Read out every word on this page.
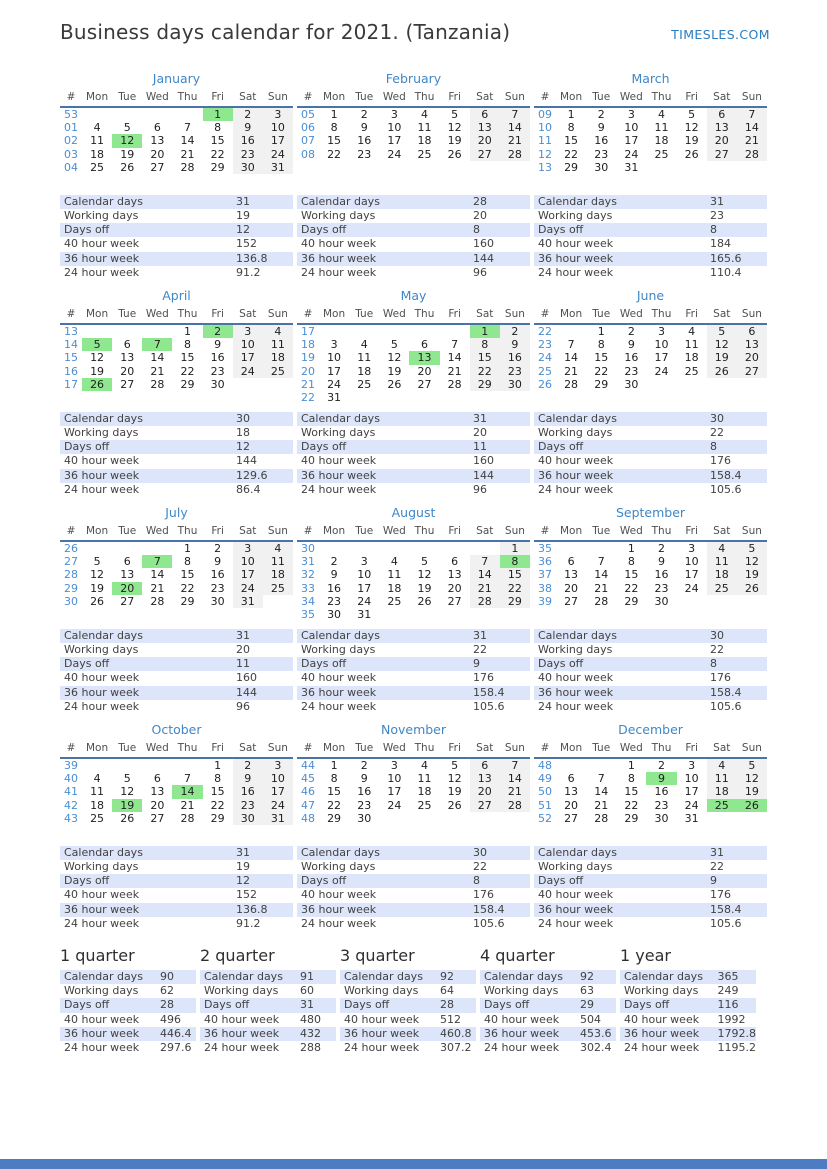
Business days calendar for 2021. (Tanzania)	TIMESLES.COM
January
#	Mon	Tue	Wed	Thu	Fri	Sat	Sun
53					1	2	3
01	4	5	6	7	8	9	10
02	11	12	13	14	15	16	17
03	18	19	20	21	22	23	24
04	25	26	27	28	29	30	31
Calendar days	31
Working days	19
Days off	12
40 hour week	152
36 hour week	136.8
24 hour week	91.2
February
#	Mon	Tue	Wed	Thu	Fri	Sat	Sun
05	1	2	3	4	5	6	7
06	8	9	10	11	12	13	14
07	15	16	17	18	19	20	21
08	22	23	24	25	26	27	28
Calendar days	28
Working days	20
Days off	8
40 hour week	160
36 hour week	144
24 hour week	96
March
#	Mon	Tue	Wed	Thu	Fri	Sat	Sun
09	1	2	3	4	5	6	7
10	8	9	10	11	12	13	14
11	15	16	17	18	19	20	21
12	22	23	24	25	26	27	28
13	29	30	31				
Calendar days	31
Working days	23
Days off	8
40 hour week	184
36 hour week	165.6
24 hour week	110.4
April
#	Mon	Tue	Wed	Thu	Fri	Sat	Sun
13				1	2	3	4
14	5	6	7	8	9	10	11
15	12	13	14	15	16	17	18
16	19	20	21	22	23	24	25
17	26	27	28	29	30		
Calendar days	30
Working days	18
Days off	12
40 hour week	144
36 hour week	129.6
24 hour week	86.4
May
#	Mon	Tue	Wed	Thu	Fri	Sat	Sun
17						1	2
18	3	4	5	6	7	8	9
19	10	11	12	13	14	15	16
20	17	18	19	20	21	22	23
21	24	25	26	27	28	29	30
22	31						
Calendar days	31
Working days	20
Days off	11
40 hour week	160
36 hour week	144
24 hour week	96
June
#	Mon	Tue	Wed	Thu	Fri	Sat	Sun
22		1	2	3	4	5	6
23	7	8	9	10	11	12	13
24	14	15	16	17	18	19	20
25	21	22	23	24	25	26	27
26	28	29	30				
Calendar days	30
Working days	22
Days off	8
40 hour week	176
36 hour week	158.4
24 hour week	105.6
July
#	Mon	Tue	Wed	Thu	Fri	Sat	Sun
26				1	2	3	4
27	5	6	7	8	9	10	11
28	12	13	14	15	16	17	18
29	19	20	21	22	23	24	25
30	26	27	28	29	30	31	
Calendar days	31
Working days	20
Days off	11
40 hour week	160
36 hour week	144
24 hour week	96
August
#	Mon	Tue	Wed	Thu	Fri	Sat	Sun
30							1
31	2	3	4	5	6	7	8
32	9	10	11	12	13	14	15
33	16	17	18	19	20	21	22
34	23	24	25	26	27	28	29
35	30	31					
Calendar days	31
Working days	22
Days off	9
40 hour week	176
36 hour week	158.4
24 hour week	105.6
September
#	Mon	Tue	Wed	Thu	Fri	Sat	Sun
35			1	2	3	4	5
36	6	7	8	9	10	11	12
37	13	14	15	16	17	18	19
38	20	21	22	23	24	25	26
39	27	28	29	30			
Calendar days	30
Working days	22
Days off	8
40 hour week	176
36 hour week	158.4
24 hour week	105.6
October
#	Mon	Tue	Wed	Thu	Fri	Sat	Sun
39					1	2	3
40	4	5	6	7	8	9	10
41	11	12	13	14	15	16	17
42	18	19	20	21	22	23	24
43	25	26	27	28	29	30	31
Calendar days	31
Working days	19
Days off	12
40 hour week	152
36 hour week	136.8
24 hour week	91.2
November
#	Mon	Tue	Wed	Thu	Fri	Sat	Sun
44	1	2	3	4	5	6	7
45	8	9	10	11	12	13	14
46	15	16	17	18	19	20	21
47	22	23	24	25	26	27	28
48	29	30					
Calendar days	30
Working days	22
Days off	8
40 hour week	176
36 hour week	158.4
24 hour week	105.6
December
#	Mon	Tue	Wed	Thu	Fri	Sat	Sun
48			1	2	3	4	5
49	6	7	8	9	10	11	12
50	13	14	15	16	17	18	19
51	20	21	22	23	24	25	26
52	27	28	29	30	31		
Calendar days	31
Working days	22
Days off	9
40 hour week	176
36 hour week	158.4
24 hour week	105.6
1 quarter
Calendar days	90
Working days	62
Days off	28
40 hour week	496
36 hour week	446.4
24 hour week	297.6
2 quarter
Calendar days	91
Working days	60
Days off	31
40 hour week	480
36 hour week	432
24 hour week	288
3 quarter
Calendar days	92
Working days	64
Days off	28
40 hour week	512
36 hour week	460.8
24 hour week	307.2
4 quarter
Calendar days	92
Working days	63
Days off	29
40 hour week	504
36 hour week	453.6
24 hour week	302.4
1 year
Calendar days	365
Working days	249
Days off	116
40 hour week	1992
36 hour week	1792.8
24 hour week	1195.2
